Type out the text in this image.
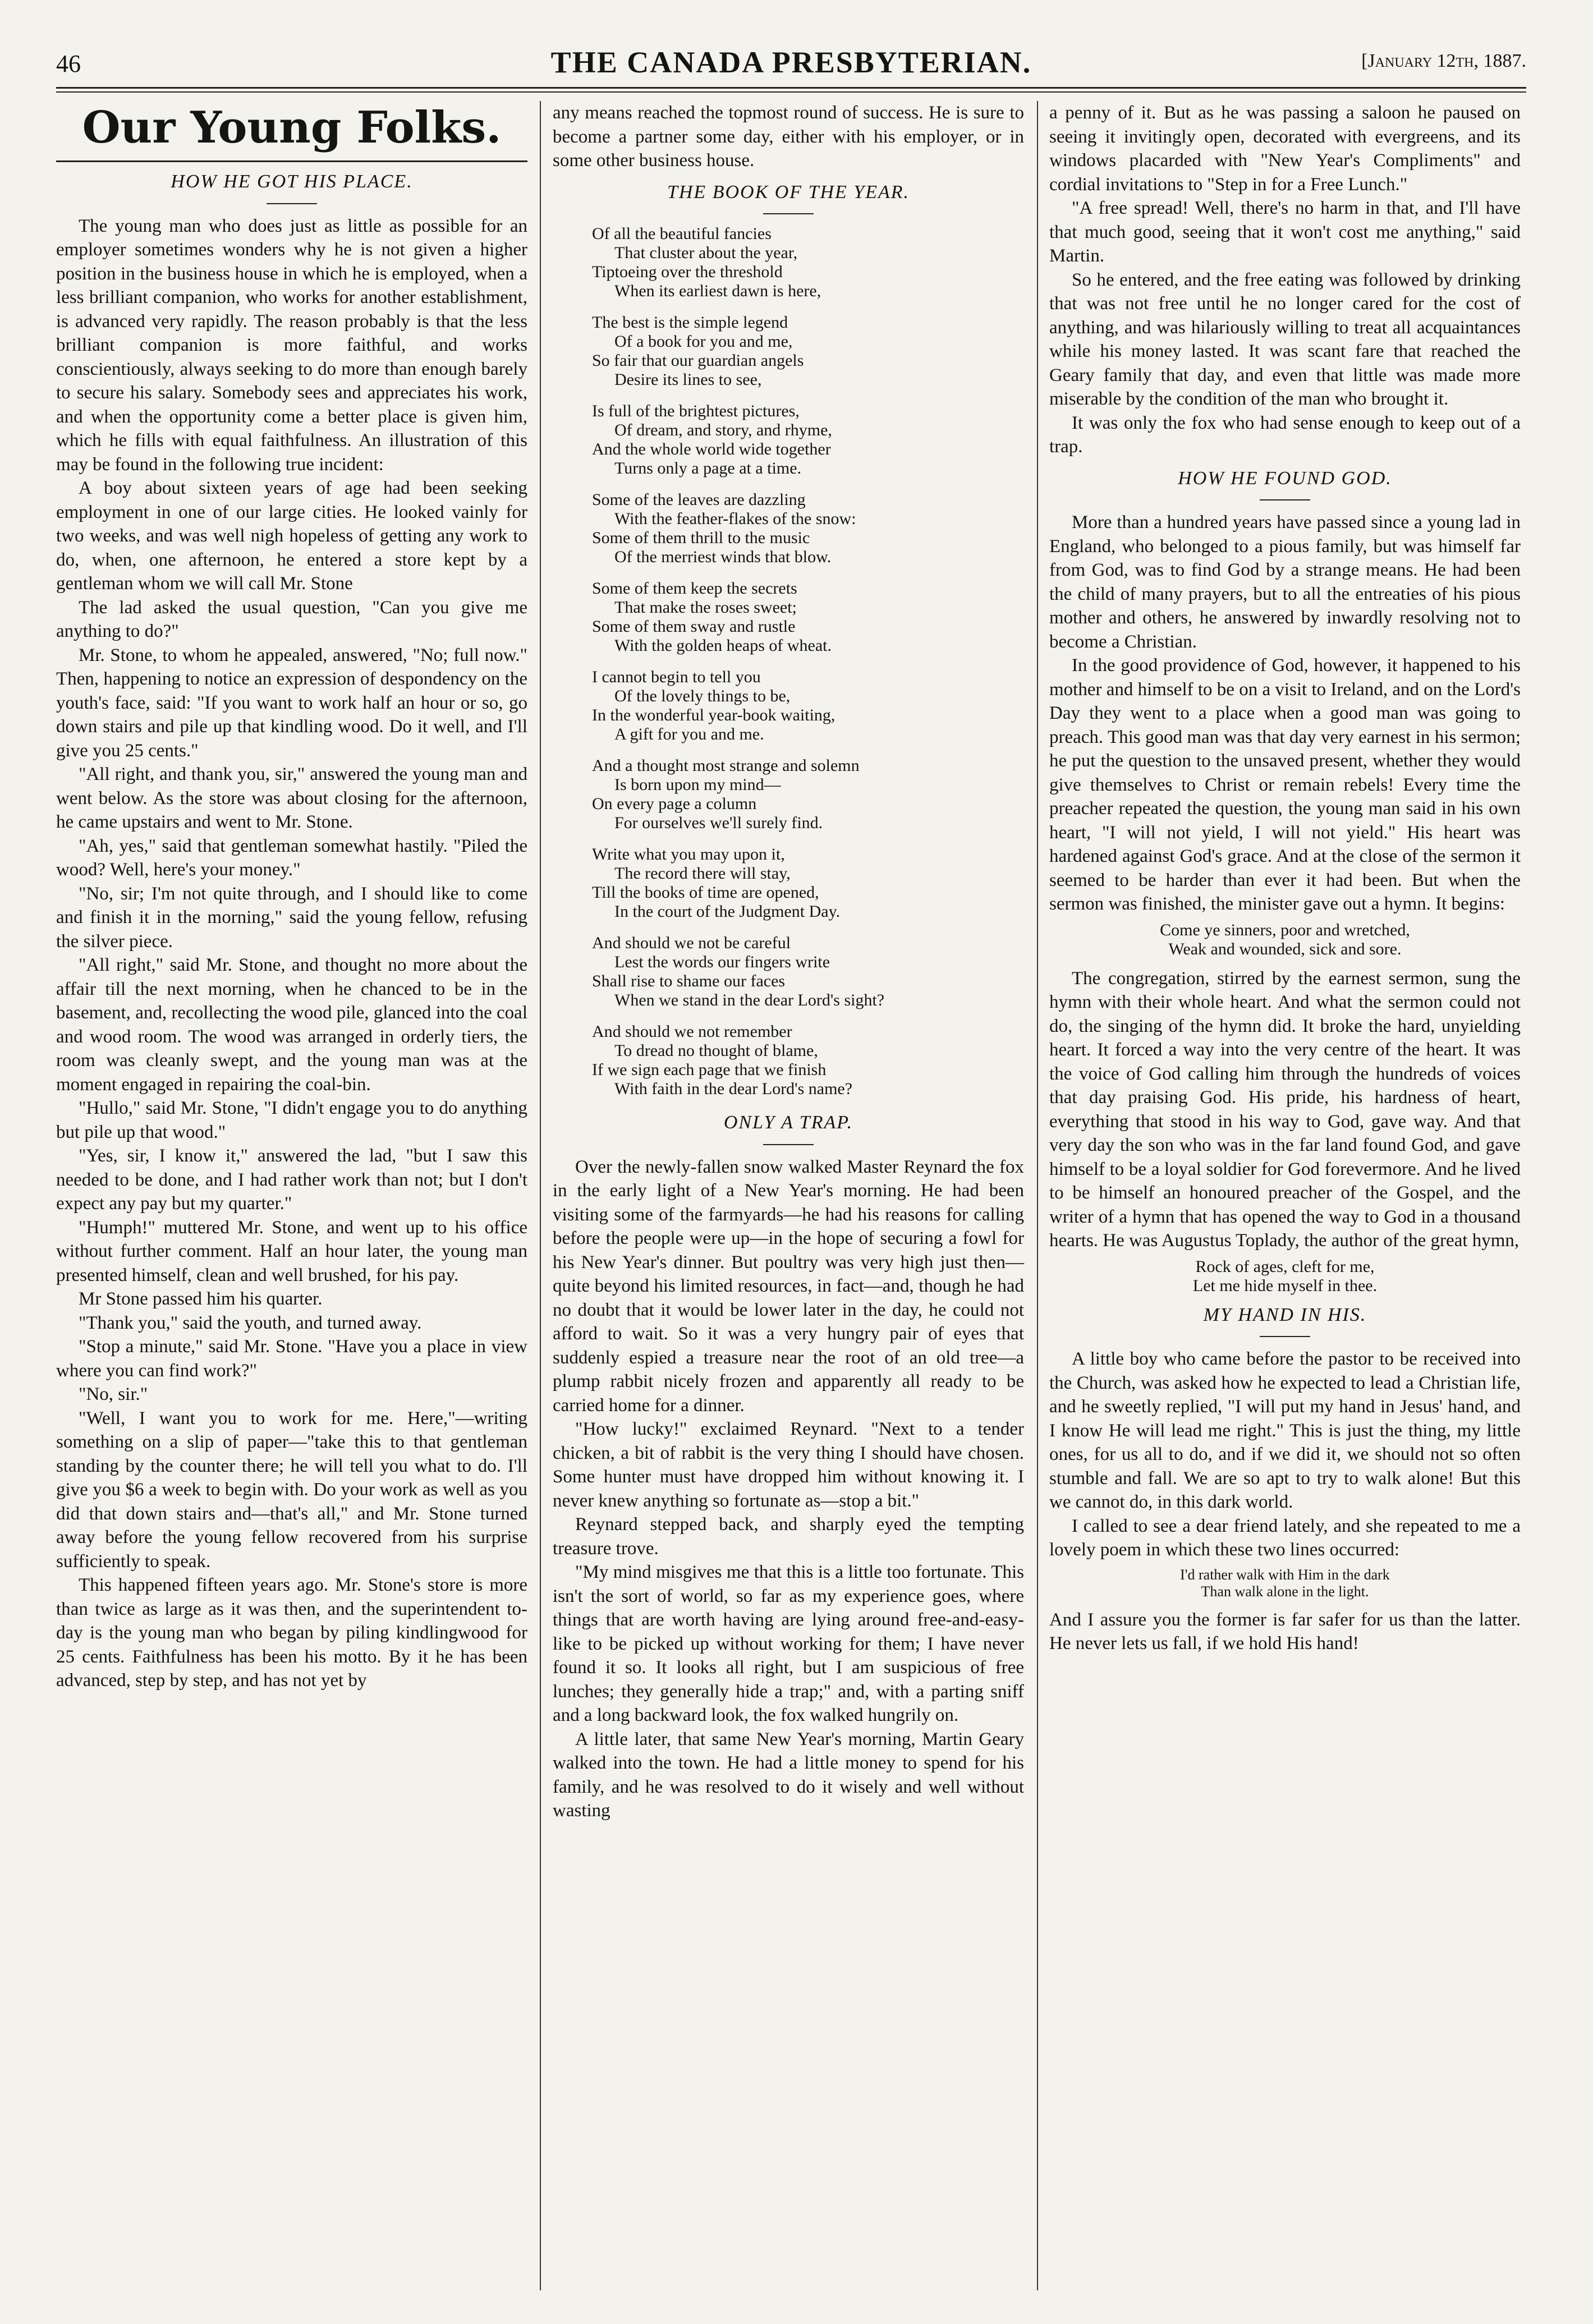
46	THE CANADA PRESBYTERIAN.	[January 12th, 1887.
Our Young Folks.
HOW HE GOT HIS PLACE.

The young man who does just as little as possible for an employer sometimes wonders why he is not given a higher position in the business house in which he is employed, when a less brilliant companion, who works for another establishment, is advanced very rapidly. The reason probably is that the less brilliant companion is more faithful, and works conscientiously, always seeking to do more than enough barely to secure his salary. Somebody sees and appreciates his work, and when the opportunity come a better place is given him, which he fills with equal faithfulness. An illustration of this may be found in the following true incident:

A boy about sixteen years of age had been seeking employment in one of our large cities. He looked vainly for two weeks, and was well nigh hopeless of getting any work to do, when, one afternoon, he entered a store kept by a gentleman whom we will call Mr. Stone

The lad asked the usual question, "Can you give me anything to do?"

Mr. Stone, to whom he appealed, answered, "No; full now." Then, happening to notice an expression of despondency on the youth's face, said: "If you want to work half an hour or so, go down stairs and pile up that kindling wood. Do it well, and I'll give you 25 cents."

"All right, and thank you, sir," answered the young man and went below. As the store was about closing for the afternoon, he came upstairs and went to Mr. Stone.

"Ah, yes," said that gentleman somewhat hastily. "Piled the wood? Well, here's your money."

"No, sir; I'm not quite through, and I should like to come and finish it in the morning," said the young fellow, refusing the silver piece.

"All right," said Mr. Stone, and thought no more about the affair till the next morning, when he chanced to be in the basement, and, recollecting the wood pile, glanced into the coal and wood room. The wood was arranged in orderly tiers, the room was cleanly swept, and the young man was at the moment engaged in repairing the coal-bin.

"Hullo," said Mr. Stone, "I didn't engage you to do anything but pile up that wood."

"Yes, sir, I know it," answered the lad, "but I saw this needed to be done, and I had rather work than not; but I don't expect any pay but my quarter."

"Humph!" muttered Mr. Stone, and went up to his office without further comment. Half an hour later, the young man presented himself, clean and well brushed, for his pay.

Mr Stone passed him his quarter.

"Thank you," said the youth, and turned away.

"Stop a minute," said Mr. Stone. "Have you a place in view where you can find work?"

"No, sir."

"Well, I want you to work for me. Here,"—writing something on a slip of paper—"take this to that gentleman standing by the counter there; he will tell you what to do. I'll give you $6 a week to begin with. Do your work as well as you did that down stairs and—that's all," and Mr. Stone turned away before the young fellow recovered from his surprise sufficiently to speak.

This happened fifteen years ago. Mr. Stone's store is more than twice as large as it was then, and the superintendent to-day is the young man who began by piling kindlingwood for 25 cents. Faithfulness has been his motto. By it he has been advanced, step by step, and has not yet by

any means reached the topmost round of success. He is sure to become a partner some day, either with his employer, or in some other business house.

THE BOOK OF THE YEAR.
Of all the beautiful fancies
That cluster about the year,
Tiptoeing over the threshold
When its earliest dawn is here,
The best is the simple legend
Of a book for you and me,
So fair that our guardian angels
Desire its lines to see,
Is full of the brightest pictures,
Of dream, and story, and rhyme,
And the whole world wide together
Turns only a page at a time.
Some of the leaves are dazzling
With the feather-flakes of the snow:
Some of them thrill to the music
Of the merriest winds that blow.
Some of them keep the secrets
That make the roses sweet;
Some of them sway and rustle
With the golden heaps of wheat.
I cannot begin to tell you
Of the lovely things to be,
In the wonderful year-book waiting,
A gift for you and me.
And a thought most strange and solemn
Is born upon my mind—
On every page a column
For ourselves we'll surely find.
Write what you may upon it,
The record there will stay,
Till the books of time are opened,
In the court of the Judgment Day.
And should we not be careful
Lest the words our fingers write
Shall rise to shame our faces
When we stand in the dear Lord's sight?
And should we not remember
To dread no thought of blame,
If we sign each page that we finish
With faith in the dear Lord's name?
ONLY A TRAP.

Over the newly-fallen snow walked Master Reynard the fox in the early light of a New Year's morning. He had been visiting some of the farmyards—he had his reasons for calling before the people were up—in the hope of securing a fowl for his New Year's dinner. But poultry was very high just then—quite beyond his limited resources, in fact—and, though he had no doubt that it would be lower later in the day, he could not afford to wait. So it was a very hungry pair of eyes that suddenly espied a treasure near the root of an old tree—a plump rabbit nicely frozen and apparently all ready to be carried home for a dinner.

"How lucky!" exclaimed Reynard. "Next to a tender chicken, a bit of rabbit is the very thing I should have chosen. Some hunter must have dropped him without knowing it. I never knew anything so fortunate as—stop a bit."

Reynard stepped back, and sharply eyed the tempting treasure trove.

"My mind misgives me that this is a little too fortunate. This isn't the sort of world, so far as my experience goes, where things that are worth having are lying around free-and-easy-like to be picked up without working for them; I have never found it so. It looks all right, but I am suspicious of free lunches; they generally hide a trap;" and, with a parting sniff and a long backward look, the fox walked hungrily on.

A little later, that same New Year's morning, Martin Geary walked into the town. He had a little money to spend for his family, and he was resolved to do it wisely and well without wasting

a penny of it. But as he was passing a saloon he paused on seeing it invitingly open, decorated with evergreens, and its windows placarded with "New Year's Compliments" and cordial invitations to "Step in for a Free Lunch."

"A free spread! Well, there's no harm in that, and I'll have that much good, seeing that it won't cost me anything," said Martin.

So he entered, and the free eating was followed by drinking that was not free until he no longer cared for the cost of anything, and was hilariously willing to treat all acquaintances while his money lasted. It was scant fare that reached the Geary family that day, and even that little was made more miserable by the condition of the man who brought it.

It was only the fox who had sense enough to keep out of a trap.

HOW HE FOUND GOD.

More than a hundred years have passed since a young lad in England, who belonged to a pious family, but was himself far from God, was to find God by a strange means. He had been the child of many prayers, but to all the entreaties of his pious mother and others, he answered by inwardly resolving not to become a Christian.

In the good providence of God, however, it happened to his mother and himself to be on a visit to Ireland, and on the Lord's Day they went to a place when a good man was going to preach. This good man was that day very earnest in his sermon; he put the question to the unsaved present, whether they would give themselves to Christ or remain rebels! Every time the preacher repeated the question, the young man said in his own heart, "I will not yield, I will not yield." His heart was hardened against God's grace. And at the close of the sermon it seemed to be harder than ever it had been. But when the sermon was finished, the minister gave out a hymn. It begins:

Come ye sinners, poor and wretched,
Weak and wounded, sick and sore.

The congregation, stirred by the earnest sermon, sung the hymn with their whole heart. And what the sermon could not do, the singing of the hymn did. It broke the hard, unyielding heart. It forced a way into the very centre of the heart. It was the voice of God calling him through the hundreds of voices that day praising God. His pride, his hardness of heart, everything that stood in his way to God, gave way. And that very day the son who was in the far land found God, and gave himself to be a loyal soldier for God forevermore. And he lived to be himself an honoured preacher of the Gospel, and the writer of a hymn that has opened the way to God in a thousand hearts. He was Augustus Toplady, the author of the great hymn,

Rock of ages, cleft for me,
Let me hide myself in thee.
MY HAND IN HIS.

A little boy who came before the pastor to be received into the Church, was asked how he expected to lead a Christian life, and he sweetly replied, "I will put my hand in Jesus' hand, and I know He will lead me right." This is just the thing, my little ones, for us all to do, and if we did it, we should not so often stumble and fall. We are so apt to try to walk alone! But this we cannot do, in this dark world.

I called to see a dear friend lately, and she repeated to me a lovely poem in which these two lines occurred:

I'd rather walk with Him in the dark
Than walk alone in the light.

And I assure you the former is far safer for us than the latter. He never lets us fall, if we hold His hand!
